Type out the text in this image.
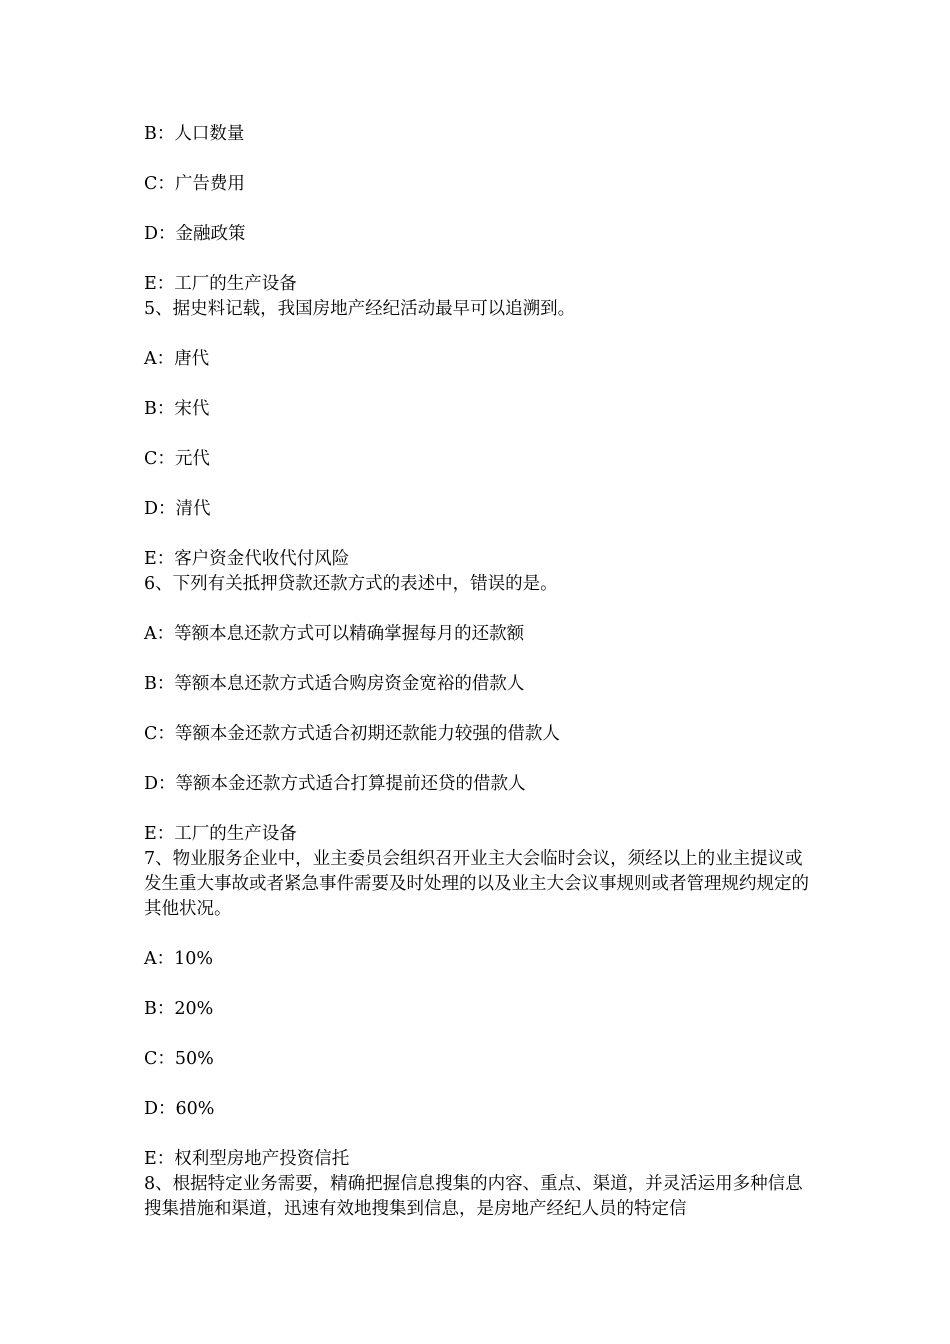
B：人口数量

C：广告费用

D：金融政策

E：工厂的生产设备

5、据史料记载，我国房地产经纪活动最早可以追溯到。

A：唐代

B：宋代

C：元代

D：清代

E：客户资金代收代付风险

6、下列有关抵押贷款还款方式的表述中，错误的是。

A：等额本息还款方式可以精确掌握每月的还款额

B：等额本息还款方式适合购房资金宽裕的借款人

C：等额本金还款方式适合初期还款能力较强的借款人

D：等额本金还款方式适合打算提前还贷的借款人

E：工厂的生产设备

7、物业服务企业中，业主委员会组织召开业主大会临时会议，须经以上的业主提议或发生重大事故或者紧急事件需要及时处理的以及业主大会议事规则或者管理规约规定的其他状况。

A：10%

B：20%

C：50%

D：60%

E：权利型房地产投资信托

8、根据特定业务需要，精确把握信息搜集的内容、重点、渠道，并灵活运用多种信息搜集措施和渠道，迅速有效地搜集到信息，是房地产经纪人员的特定信
